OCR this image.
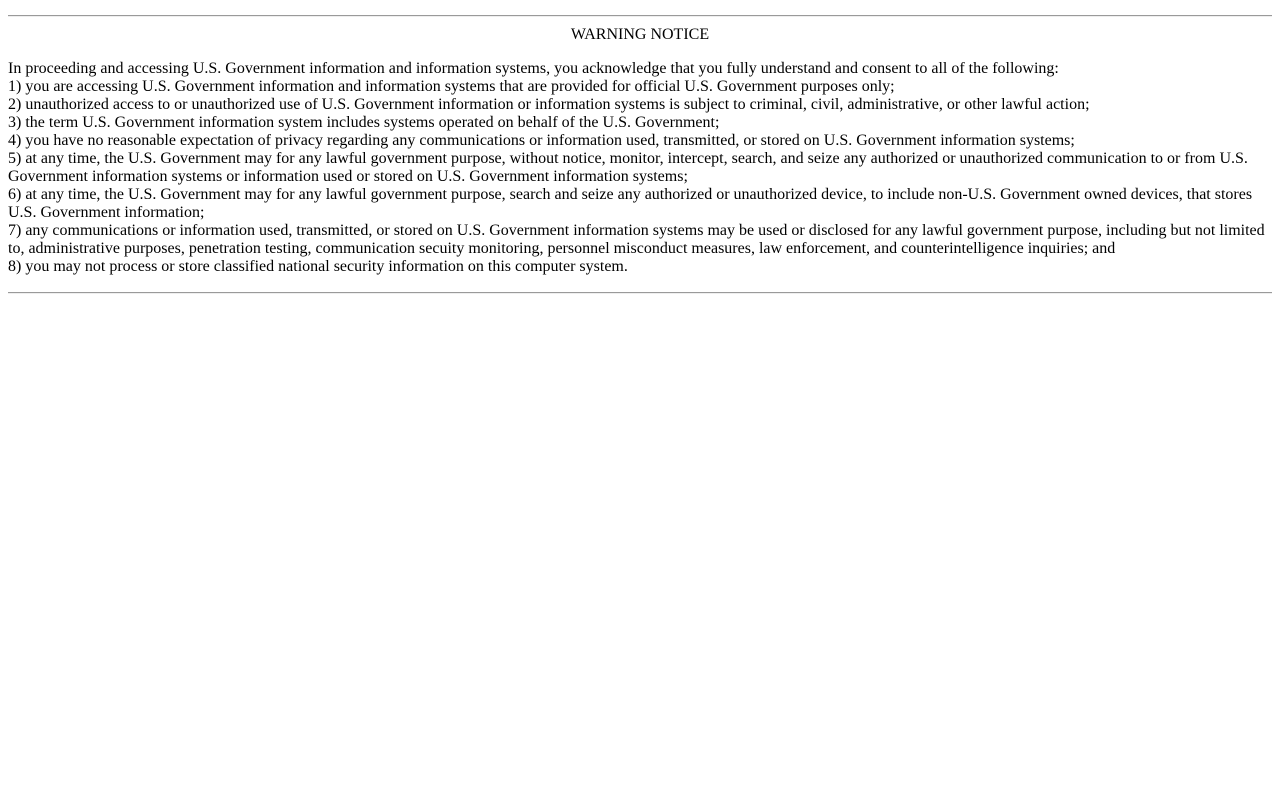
WARNING NOTICE
In proceeding and accessing U.S. Government information and information systems, you acknowledge that you fully understand and consent to all of the following:
1) you are accessing U.S. Government information and information systems that are provided for official U.S. Government purposes only;
2) unauthorized access to or unauthorized use of U.S. Government information or information systems is subject to criminal, civil, administrative, or other lawful action;
3) the term U.S. Government information system includes systems operated on behalf of the U.S. Government;
4) you have no reasonable expectation of privacy regarding any communications or information used, transmitted, or stored on U.S. Government information systems;
5) at any time, the U.S. Government may for any lawful government purpose, without notice, monitor, intercept, search, and seize any authorized or unauthorized communication to or from U.S. Government information systems or information used or stored on U.S. Government information systems;
6) at any time, the U.S. Government may for any lawful government purpose, search and seize any authorized or unauthorized device, to include non-U.S. Government owned devices, that stores U.S. Government information;
7) any communications or information used, transmitted, or stored on U.S. Government information systems may be used or disclosed for any lawful government purpose, including but not limited to, administrative purposes, penetration testing, communication secuity monitoring, personnel misconduct measures, law enforcement, and counterintelligence inquiries; and
8) you may not process or store classified national security information on this computer system.
